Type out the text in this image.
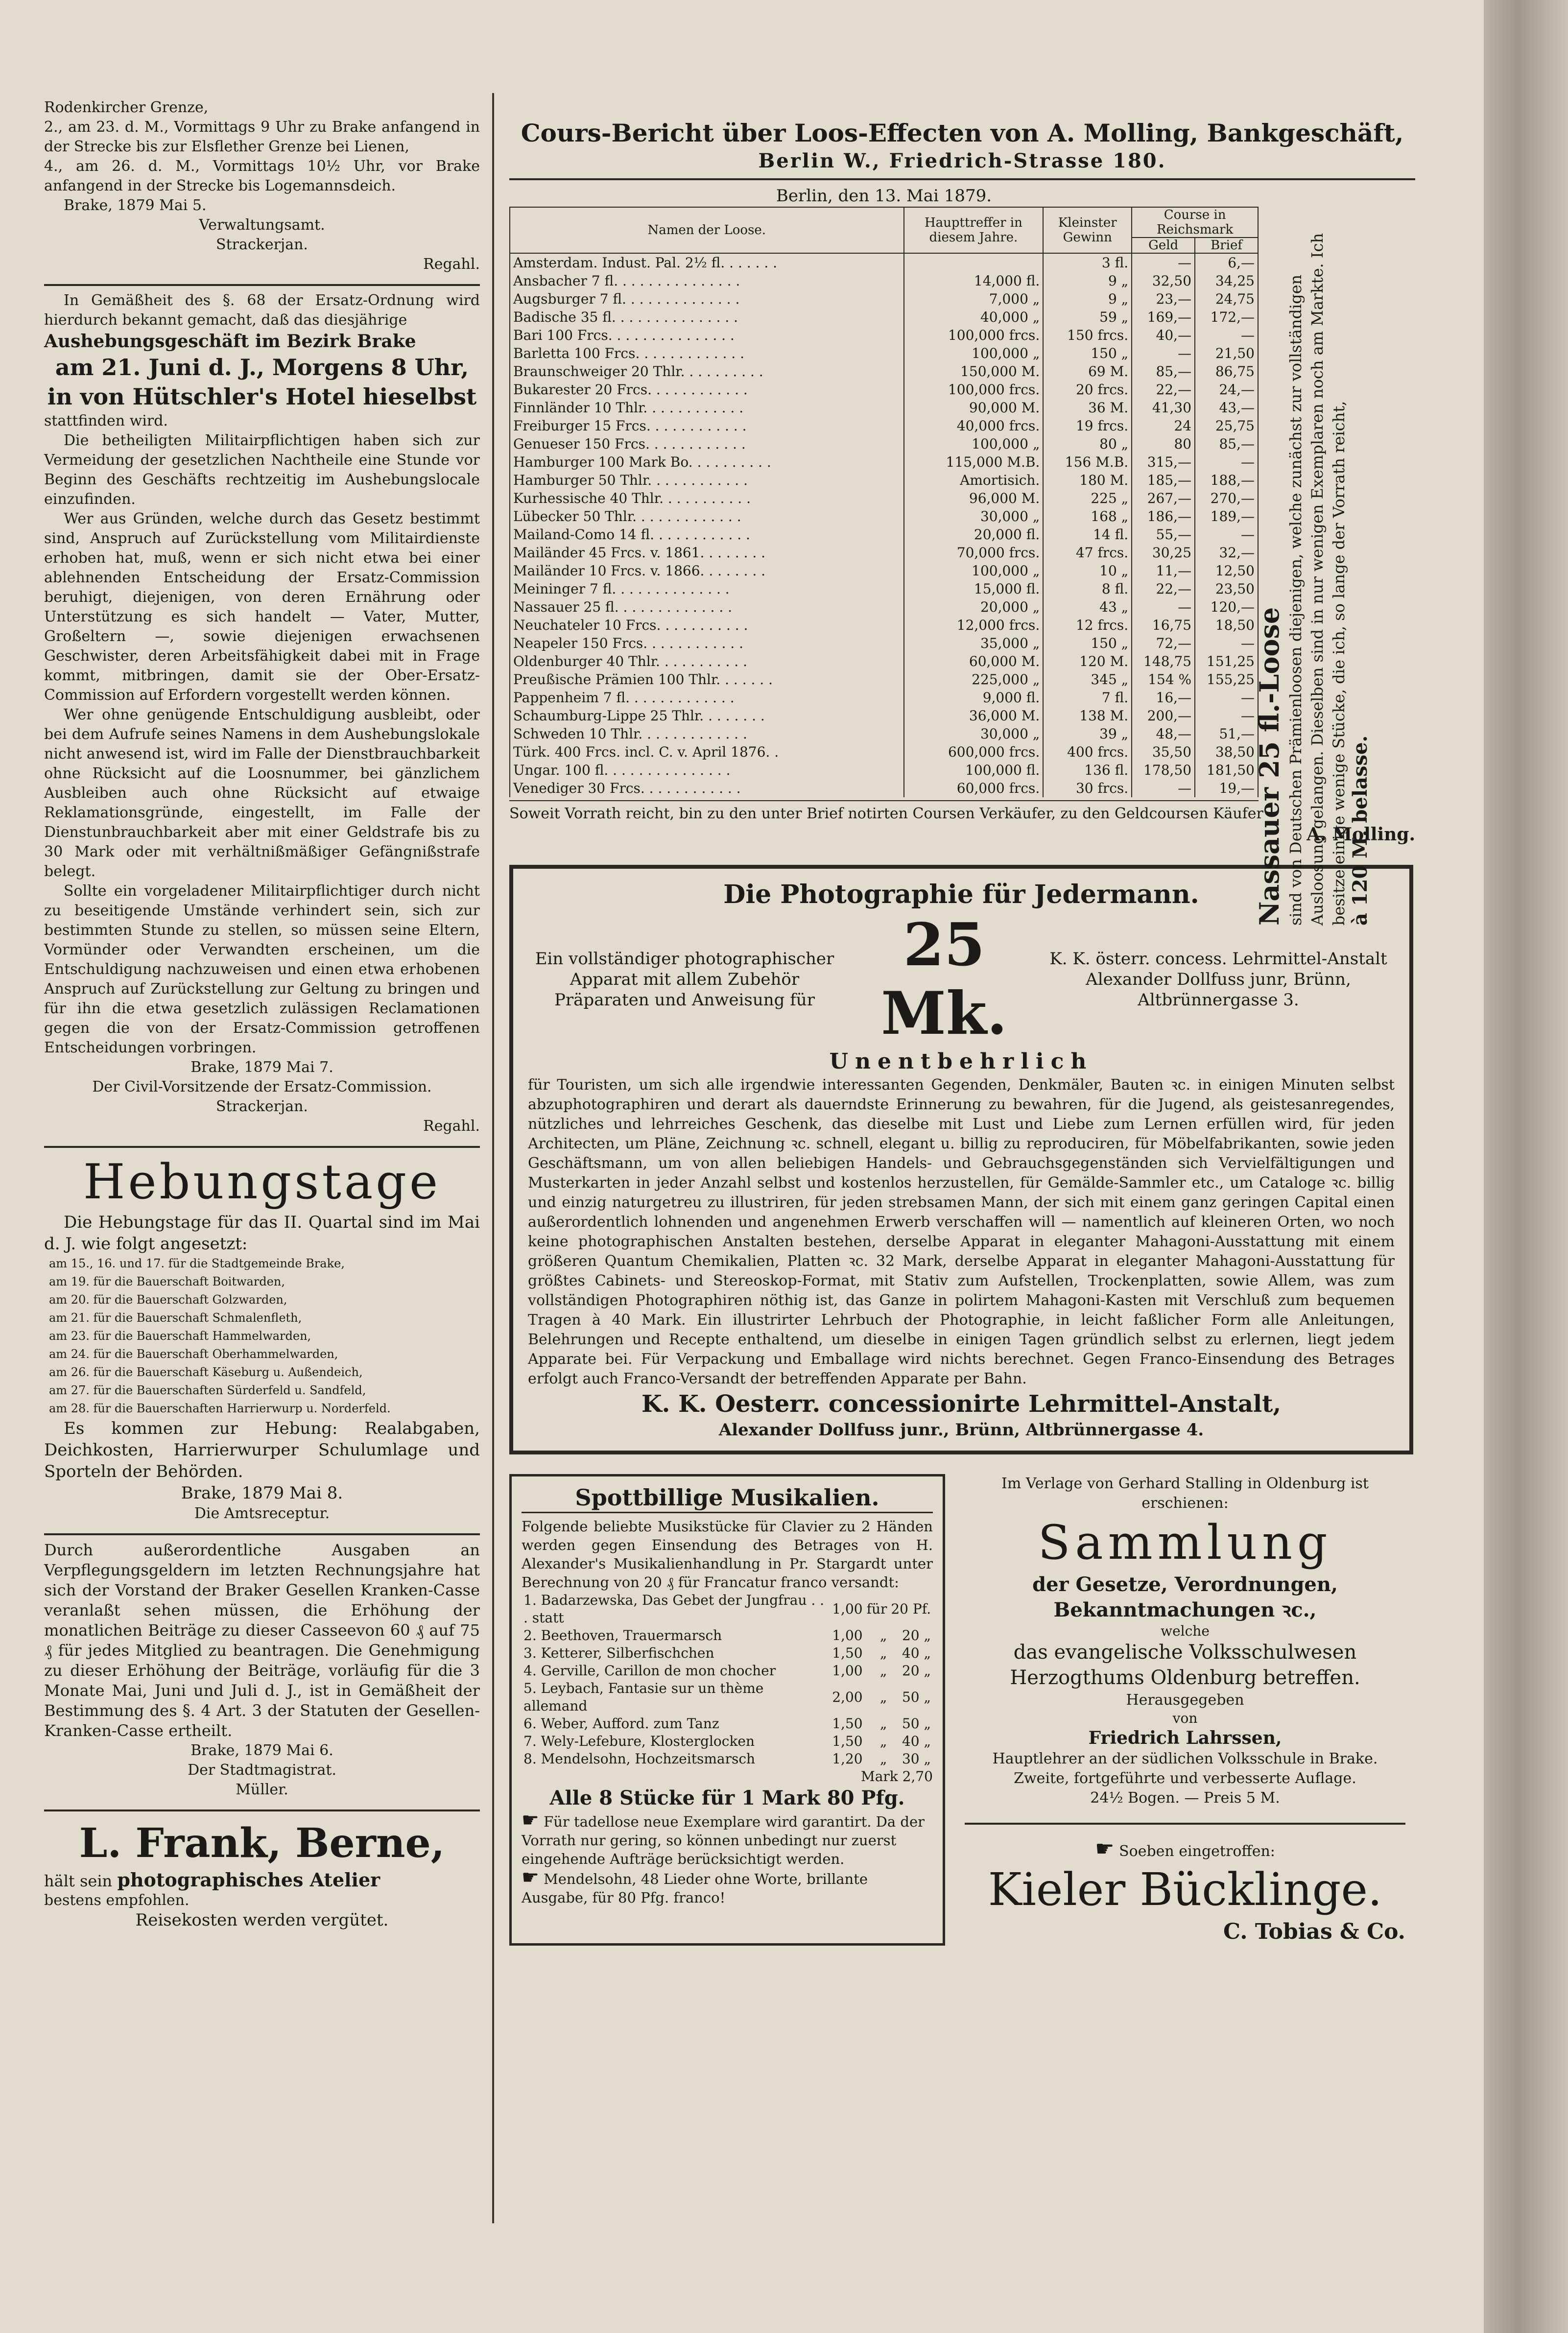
Rodenkircher Grenze,

2., am 23. d. M., Vormittags 9 Uhr zu Brake anfangend in der Strecke bis zur Elsflether Grenze bei Lienen,

4., am 26. d. M., Vormittags 10½ Uhr, vor Brake anfangend in der Strecke bis Logemannsdeich.

Brake, 1879 Mai 5.

Verwaltungsamt.

Strackerjan.

Regahl.

In Gemäßheit des §. 68 der Ersatz-Ordnung wird hierdurch bekannt gemacht, daß das diesjährige

Aushebungsgeschäft im Bezirk Brake

am 21. Juni d. J., Morgens 8 Uhr, in von Hütschler's Hotel hieselbst

stattfinden wird.

Die betheiligten Militairpflichtigen haben sich zur Vermeidung der gesetzlichen Nachtheile eine Stunde vor Beginn des Geschäfts rechtzeitig im Aushebungslocale einzufinden.

Wer aus Gründen, welche durch das Gesetz bestimmt sind, Anspruch auf Zurückstellung vom Militairdienste erhoben hat, muß, wenn er sich nicht etwa bei einer ablehnenden Entscheidung der Ersatz-Commission beruhigt, diejenigen, von deren Ernährung oder Unterstützung es sich handelt — Vater, Mutter, Großeltern —, sowie diejenigen erwachsenen Geschwister, deren Arbeitsfähigkeit dabei mit in Frage kommt, mitbringen, damit sie der Ober-Ersatz-Commission auf Erfordern vorgestellt werden können.

Wer ohne genügende Entschuldigung ausbleibt, oder bei dem Aufrufe seines Namens in dem Aushebungslokale nicht anwesend ist, wird im Falle der Dienstbrauchbarkeit ohne Rücksicht auf die Loosnummer, bei gänzlichem Ausbleiben auch ohne Rücksicht auf etwaige Reklamationsgründe, eingestellt, im Falle der Dienstunbrauchbarkeit aber mit einer Geldstrafe bis zu 30 Mark oder mit verhältnißmäßiger Gefängnißstrafe belegt.

Sollte ein vorgeladener Militairpflichtiger durch nicht zu beseitigende Umstände verhindert sein, sich zur bestimmten Stunde zu stellen, so müssen seine Eltern, Vormünder oder Verwandten erscheinen, um die Entschuldigung nachzuweisen und einen etwa erhobenen Anspruch auf Zurückstellung zur Geltung zu bringen und für ihn die etwa gesetzlich zulässigen Reclamationen gegen die von der Ersatz-Commission getroffenen Entscheidungen vorbringen.

Brake, 1879 Mai 7.

Der Civil-Vorsitzende der Ersatz-Commission.

Strackerjan.

Regahl.

Hebungstage

Die Hebungstage für das II. Quartal sind im Mai d. J. wie folgt angesetzt:

am 15., 16. und 17. für die Stadtgemeinde Brake,

am 19. für die Bauerschaft Boitwarden,

am 20. für die Bauerschaft Golzwarden,

am 21. für die Bauerschaft Schmalenfleth,

am 23. für die Bauerschaft Hammelwarden,

am 24. für die Bauerschaft Oberhammelwarden,

am 26. für die Bauerschaft Käseburg u. Außendeich,

am 27. für die Bauerschaften Sürderfeld u. Sandfeld,

am 28. für die Bauerschaften Harrierwurp u. Norderfeld.

Es kommen zur Hebung: Realabgaben, Deichkosten, Harrierwurper Schulumlage und Sporteln der Behörden.

Brake, 1879 Mai 8.

Die Amtsreceptur.

Durch außerordentliche Ausgaben an Verpflegungsgeldern im letzten Rechnungsjahre hat sich der Vorstand der Braker Gesellen Kranken-Casse veranlaßt sehen müssen, die Erhöhung der monatlichen Beiträge zu dieser Casseevon 60 ₰ auf 75 ₰ für jedes Mitglied zu beantragen. Die Genehmigung zu dieser Erhöhung der Beiträge, vorläufig für die 3 Monate Mai, Juni und Juli d. J., ist in Gemäßheit der Bestimmung des §. 4 Art. 3 der Statuten der Gesellen-Kranken-Casse ertheilt.

Brake, 1879 Mai 6.

Der Stadtmagistrat.

Müller.

L. Frank, Berne,

hält sein photographisches Atelier

bestens empfohlen.

Reisekosten werden vergütet.

Cours-Bericht über Loos-Effecten von A. Molling, Bankgeschäft,

Berlin W., Friedrich-Strasse 180.

Berlin, den 13. Mai 1879.

Namen der Loose.	Haupttreffer in diesem Jahre.	Kleinster Gewinn	Course in Reichsmark	
			Geld	Brief
Amsterdam. Indust. Pal. 2½ fl. . . . . . .		3 fl.	—	6,—
Ansbacher 7 fl. . . . . . . . . . . . . . .	14,000 fl.	9 „	32,50	34,25
Augsburger 7 fl. . . . . . . . . . . . . .	7,000 „	9 „	23,—	24,75
Badische 35 fl. . . . . . . . . . . . . . .	40,000 „	59 „	169,—	172,—
Bari 100 Frcs. . . . . . . . . . . . . . .	100,000 frcs.	150 frcs.	40,—	—
Barletta 100 Frcs. . . . . . . . . . . . .	100,000 „	150 „	—	21,50
Braunschweiger 20 Thlr. . . . . . . . . .	150,000 M.	69 M.	85,—	86,75
Bukarester 20 Frcs. . . . . . . . . . . .	100,000 frcs.	20 frcs.	22,—	24,—
Finnländer 10 Thlr. . . . . . . . . . . .	90,000 M.	36 M.	41,30	43,—
Freiburger 15 Frcs. . . . . . . . . . . .	40,000 frcs.	19 frcs.	24	25,75
Genueser 150 Frcs. . . . . . . . . . . .	100,000 „	80 „	80	85,—
Hamburger 100 Mark Bo. . . . . . . . . .	115,000 M.B.	156 M.B.	315,—	—
Hamburger 50 Thlr. . . . . . . . . . . .	Amortisich.	180 M.	185,—	188,—
Kurhessische 40 Thlr. . . . . . . . . . .	96,000 M.	225 „	267,—	270,—
Lübecker 50 Thlr. . . . . . . . . . . . .	30,000 „	168 „	186,—	189,—
Mailand-Como 14 fl. . . . . . . . . . . .	20,000 fl.	14 fl.	55,—	—
Mailänder 45 Frcs. v. 1861. . . . . . . .	70,000 frcs.	47 frcs.	30,25	32,—
Mailänder 10 Frcs. v. 1866. . . . . . . .	100,000 „	10 „	11,—	12,50
Meininger 7 fl. . . . . . . . . . . . . .	15,000 fl.	8 fl.	22,—	23,50
Nassauer 25 fl. . . . . . . . . . . . . .	20,000 „	43 „	—	120,—
Neuchateler 10 Frcs. . . . . . . . . . .	12,000 frcs.	12 frcs.	16,75	18,50
Neapeler 150 Frcs. . . . . . . . . . . .	35,000 „	150 „	72,—	—
Oldenburger 40 Thlr. . . . . . . . . . .	60,000 M.	120 M.	148,75	151,25
Preußische Prämien 100 Thlr. . . . . . .	225,000 „	345 „	154 %	155,25
Pappenheim 7 fl. . . . . . . . . . . . .	9,000 fl.	7 fl.	16,—	—
Schaumburg-Lippe 25 Thlr. . . . . . . .	36,000 M.	138 M.	200,—	—
Schweden 10 Thlr. . . . . . . . . . . . .	30,000 „	39 „	48,—	51,—
Türk. 400 Frcs. incl. C. v. April 1876. .	600,000 frcs.	400 frcs.	35,50	38,50
Ungar. 100 fl. . . . . . . . . . . . . . .	100,000 fl.	136 fl.	178,50	181,50
Venediger 30 Frcs. . . . . . . . . . . .	60,000 frcs.	30 frcs.	—	19,—

Soweit Vorrath reicht, bin zu den unter Brief notirten Coursen Verkäufer, zu den Geldcoursen Käufer

A. Molling.

Die Photographie für Jedermann.

Ein vollständiger photographischer Apparat mit allem Zubehör Präparaten und Anweisung für

25 Mk.

K. K. österr. concess. Lehrmittel-Anstalt Alexander Dollfuss junr, Brünn, Altbrünnergasse 3.

Unentbehrlich

für Touristen, um sich alle irgendwie interessanten Gegenden, Denkmäler, Bauten ꝛc. in einigen Minuten selbst abzuphotographiren und derart als dauerndste Erinnerung zu bewahren, für die Jugend, als geistesanregendes, nützliches und lehrreiches Geschenk, das dieselbe mit Lust und Liebe zum Lernen erfüllen wird, für jeden Architecten, um Pläne, Zeichnung ꝛc. schnell, elegant u. billig zu reproduciren, für Möbelfabrikanten, sowie jeden Geschäftsmann, um von allen beliebigen Handels- und Gebrauchsgegenständen sich Vervielfältigungen und Musterkarten in jeder Anzahl selbst und kostenlos herzustellen, für Gemälde-Sammler etc., um Cataloge ꝛc. billig und einzig naturgetreu zu illustriren, für jeden strebsamen Mann, der sich mit einem ganz geringen Capital einen außerordentlich lohnenden und angenehmen Erwerb verschaffen will — namentlich auf kleineren Orten, wo noch keine photographischen Anstalten bestehen, derselbe Apparat in eleganter Mahagoni-Ausstattung mit einem größeren Quantum Chemikalien, Platten ꝛc. 32 Mark, derselbe Apparat in eleganter Mahagoni-Ausstattung für größtes Cabinets- und Stereoskop-Format, mit Stativ zum Aufstellen, Trockenplatten, sowie Allem, was zum vollständigen Photographiren nöthig ist, das Ganze in polirtem Mahagoni-Kasten mit Verschluß zum bequemen Tragen à 40 Mark. Ein illustrirter Lehrbuch der Photographie, in leicht faßlicher Form alle Anleitungen, Belehrungen und Recepte enthaltend, um dieselbe in einigen Tagen gründlich selbst zu erlernen, liegt jedem Apparate bei. Für Verpackung und Emballage wird nichts berechnet. Gegen Franco-Einsendung des Betrages erfolgt auch Franco-Versandt der betreffenden Apparate per Bahn.

K. K. Oesterr. concessionirte Lehrmittel-Anstalt,

Alexander Dollfuss junr., Brünn, Altbrünnergasse 4.

Spottbillige Musikalien.

Folgende beliebte Musikstücke für Clavier zu 2 Händen werden gegen Einsendung des Betrages von H. Alexander's Musikalienhandlung in Pr. Stargardt unter Berechnung von 20 ₰ für Francatur franco versandt:

1. Badarzewska, Das Gebet der Jungfrau . . . statt	1,00	für	20 Pf.
2. Beethoven, Trauermarsch	1,00	„	20 „
3. Ketterer, Silberfischchen	1,50	„	40 „
4. Gerville, Carillon de mon chocher	1,00	„	20 „
5. Leybach, Fantasie sur un thème allemand	2,00	„	50 „
6. Weber, Aufford. zum Tanz	1,50	„	50 „
7. Wely-Lefebure, Klosterglocken	1,50	„	40 „
8. Mendelsohn, Hochzeitsmarsch	1,20	„	30 „

Mark 2,70

Alle 8 Stücke für 1 Mark 80 Pfg.

☛ Für tadellose neue Exemplare wird garantirt. Da der Vorrath nur gering, so können unbedingt nur zuerst eingehende Aufträge berücksichtigt werden.

☛ Mendelsohn, 48 Lieder ohne Worte, brillante Ausgabe, für 80 Pfg. franco!

Im Verlage von Gerhard Stalling in Oldenburg ist erschienen:

Sammlung

der Gesetze, Verordnungen, Bekanntmachungen ꝛc.,

welche

das evangelische Volksschulwesen Herzogthums Oldenburg betreffen.

Herausgegeben

von

Friedrich Lahrssen,

Hauptlehrer an der südlichen Volksschule in Brake.

Zweite, fortgeführte und verbesserte Auflage.

24½ Bogen. — Preis 5 M.

☛ Soeben eingetroffen:

Kieler Bücklinge.

C. Tobias & Co.

Nassauer 25 fl.-Loose sind von Deutschen Prämienloosen diejenigen, welche zunächst zur vollständigen Ausloosung gelangen. Dieselben sind in nur wenigen Exemplaren noch am Markte. Ich besitze einige wenige Stücke, die ich, so lange der Vorrath reicht, à 120 M. belasse.
